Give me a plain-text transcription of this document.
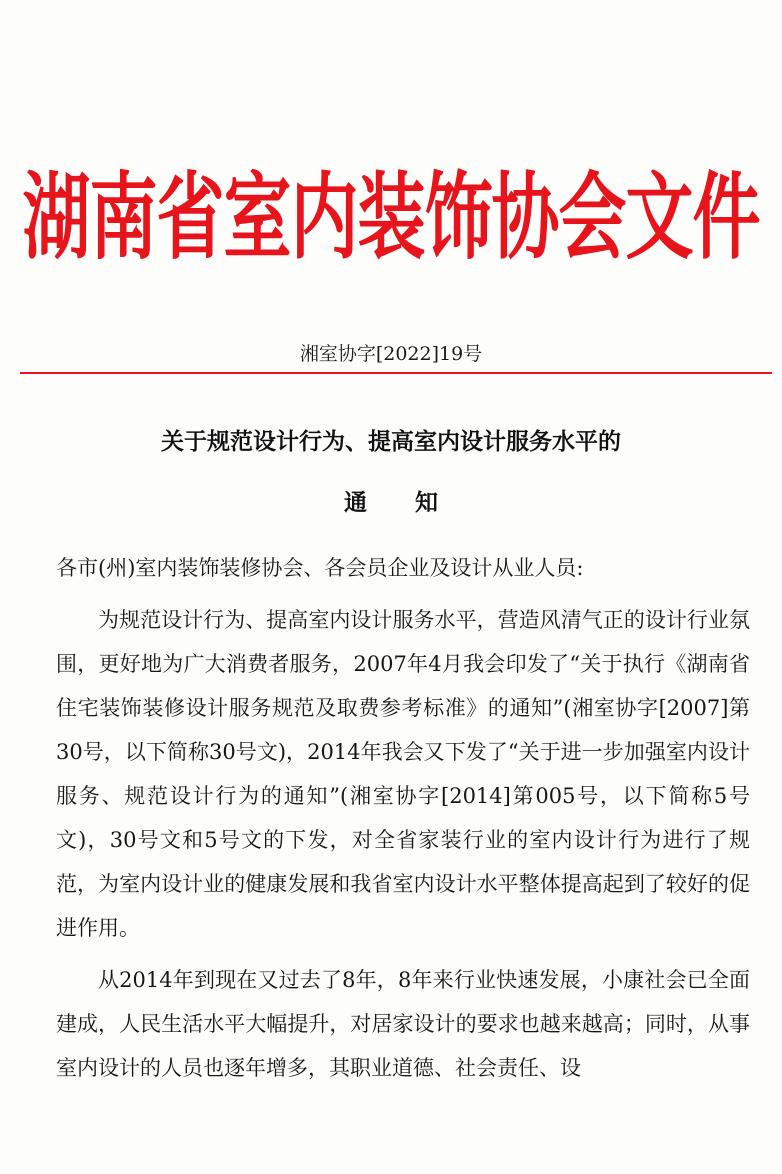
湖南省室内装饰协会文件
湘室协字[2022]19号
关于规范设计行为、提高室内设计服务水平的
通知

各市(州)室内装饰装修协会、各会员企业及设计从业人员:

为规范设计行为、提高室内设计服务水平，营造风清气正的设计行业氛围，更好地为广大消费者服务，2007年4月我会印发了“关于执行《湖南省住宅装饰装修设计服务规范及取费参考标准》的通知”(湘室协字[2007]第30号，以下简称30号文)，2014年我会又下发了“关于进一步加强室内设计服务、规范设计行为的通知”(湘室协字[2014]第005号，以下简称5号文)，30号文和5号文的下发，对全省家装行业的室内设计行为进行了规范，为室内设计业的健康发展和我省室内设计水平整体提高起到了较好的促进作用。

从2014年到现在又过去了8年，8年来行业快速发展，小康社会已全面建成，人民生活水平大幅提升，对居家设计的要求也越来越高；同时，从事室内设计的人员也逐年增多，其职业道德、社会责任、设
